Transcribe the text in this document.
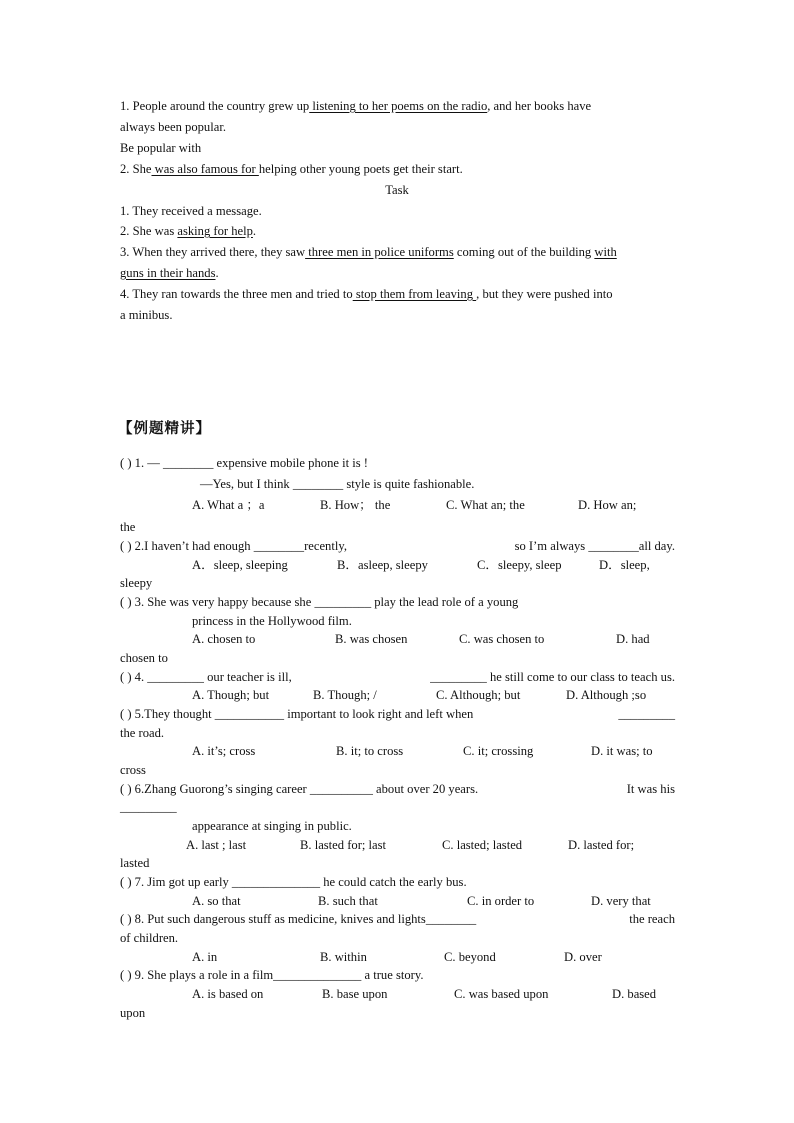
1. People around the country grew up listening to her poems on the radio, and her books have
always been popular.
Be popular with
2. She was also famous for helping other young poets get their start.
Task
1. They received a message.
2. She was asking for help.
3. When they arrived there, they saw three men in police uniforms coming out of the building with
guns in their hands.
4. They ran towards the three men and tried to stop them from leaving , but they were pushed into
a minibus.
【例题精讲】
( ) 1. — ________ expensive mobile phone it is !
—Yes, but I think ________ style is quite fashionable.
A. What a ；a	B. How； the	C. What an; the	D. How an;
the
( ) 2.I haven’t had enough ________recently,	so I’m always ________all day.
A．sleep, sleeping	B．asleep, sleepy	C．sleepy, sleep	D．sleep,
sleepy
( ) 3. She was very happy because she _________ play the lead role of a young
princess in the Hollywood film.
A. chosen to	B. was chosen	C. was chosen to	D. had
chosen to
( ) 4. _________ our teacher is ill,	_________ he still come to our class to teach us.
A. Though; but	B. Though; /	C. Although; but	D. Although ;so
( ) 5.They thought ___________ important to look right and left when	_________
the road.
A. it’s; cross	B. it; to cross	C. it; crossing	D. it was; to
cross
( ) 6.Zhang Guorong’s singing career __________ about over 20 years.	It was his
_________
appearance at singing in public.
A. last ; last	B. lasted for; last	C. lasted; lasted	D. lasted for;
lasted
( ) 7. Jim got up early ______________ he could catch the early bus.
A. so that	B. such that	C. in order to	D. very that
( ) 8. Put such dangerous stuff as medicine, knives and lights________	the reach
of children.
A. in	B. within	C. beyond	D. over
( ) 9. She plays a role in a film______________ a true story.
A. is based on	B. base upon	C. was based upon	D. based
upon
